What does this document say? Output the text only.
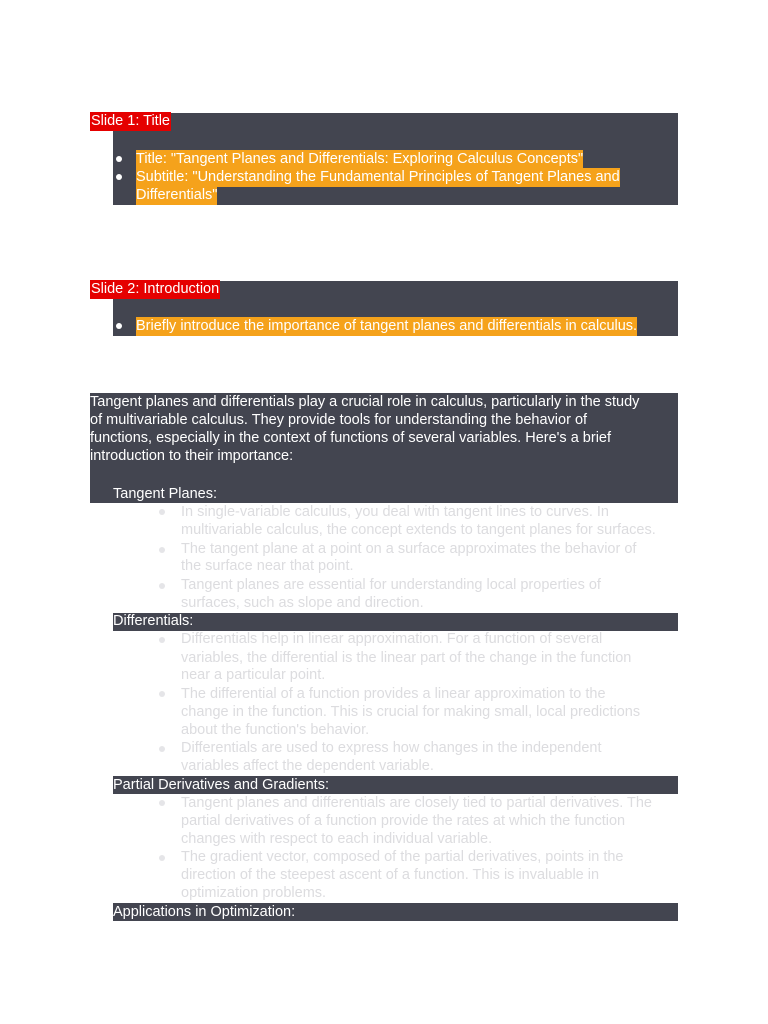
Slide 1: Title
Title: "Tangent Planes and Differentials: Exploring Calculus Concepts"
Subtitle: "Understanding the Fundamental Principles of Tangent Planes and
Differentials"
Slide 2: Introduction
Briefly introduce the importance of tangent planes and differentials in calculus.
Tangent planes and differentials play a crucial role in calculus, particularly in the study
of multivariable calculus. They provide tools for understanding the behavior of
functions, especially in the context of functions of several variables. Here's a brief
introduction to their importance:
Tangent Planes:
In single-variable calculus, you deal with tangent lines to curves. In
multivariable calculus, the concept extends to tangent planes for surfaces.
The tangent plane at a point on a surface approximates the behavior of
the surface near that point.
Tangent planes are essential for understanding local properties of
surfaces, such as slope and direction.
Differentials:
Differentials help in linear approximation. For a function of several
variables, the differential is the linear part of the change in the function
near a particular point.
The differential of a function provides a linear approximation to the
change in the function. This is crucial for making small, local predictions
about the function's behavior.
Differentials are used to express how changes in the independent
variables affect the dependent variable.
Partial Derivatives and Gradients:
Tangent planes and differentials are closely tied to partial derivatives. The
partial derivatives of a function provide the rates at which the function
changes with respect to each individual variable.
The gradient vector, composed of the partial derivatives, points in the
direction of the steepest ascent of a function. This is invaluable in
optimization problems.
Applications in Optimization:
